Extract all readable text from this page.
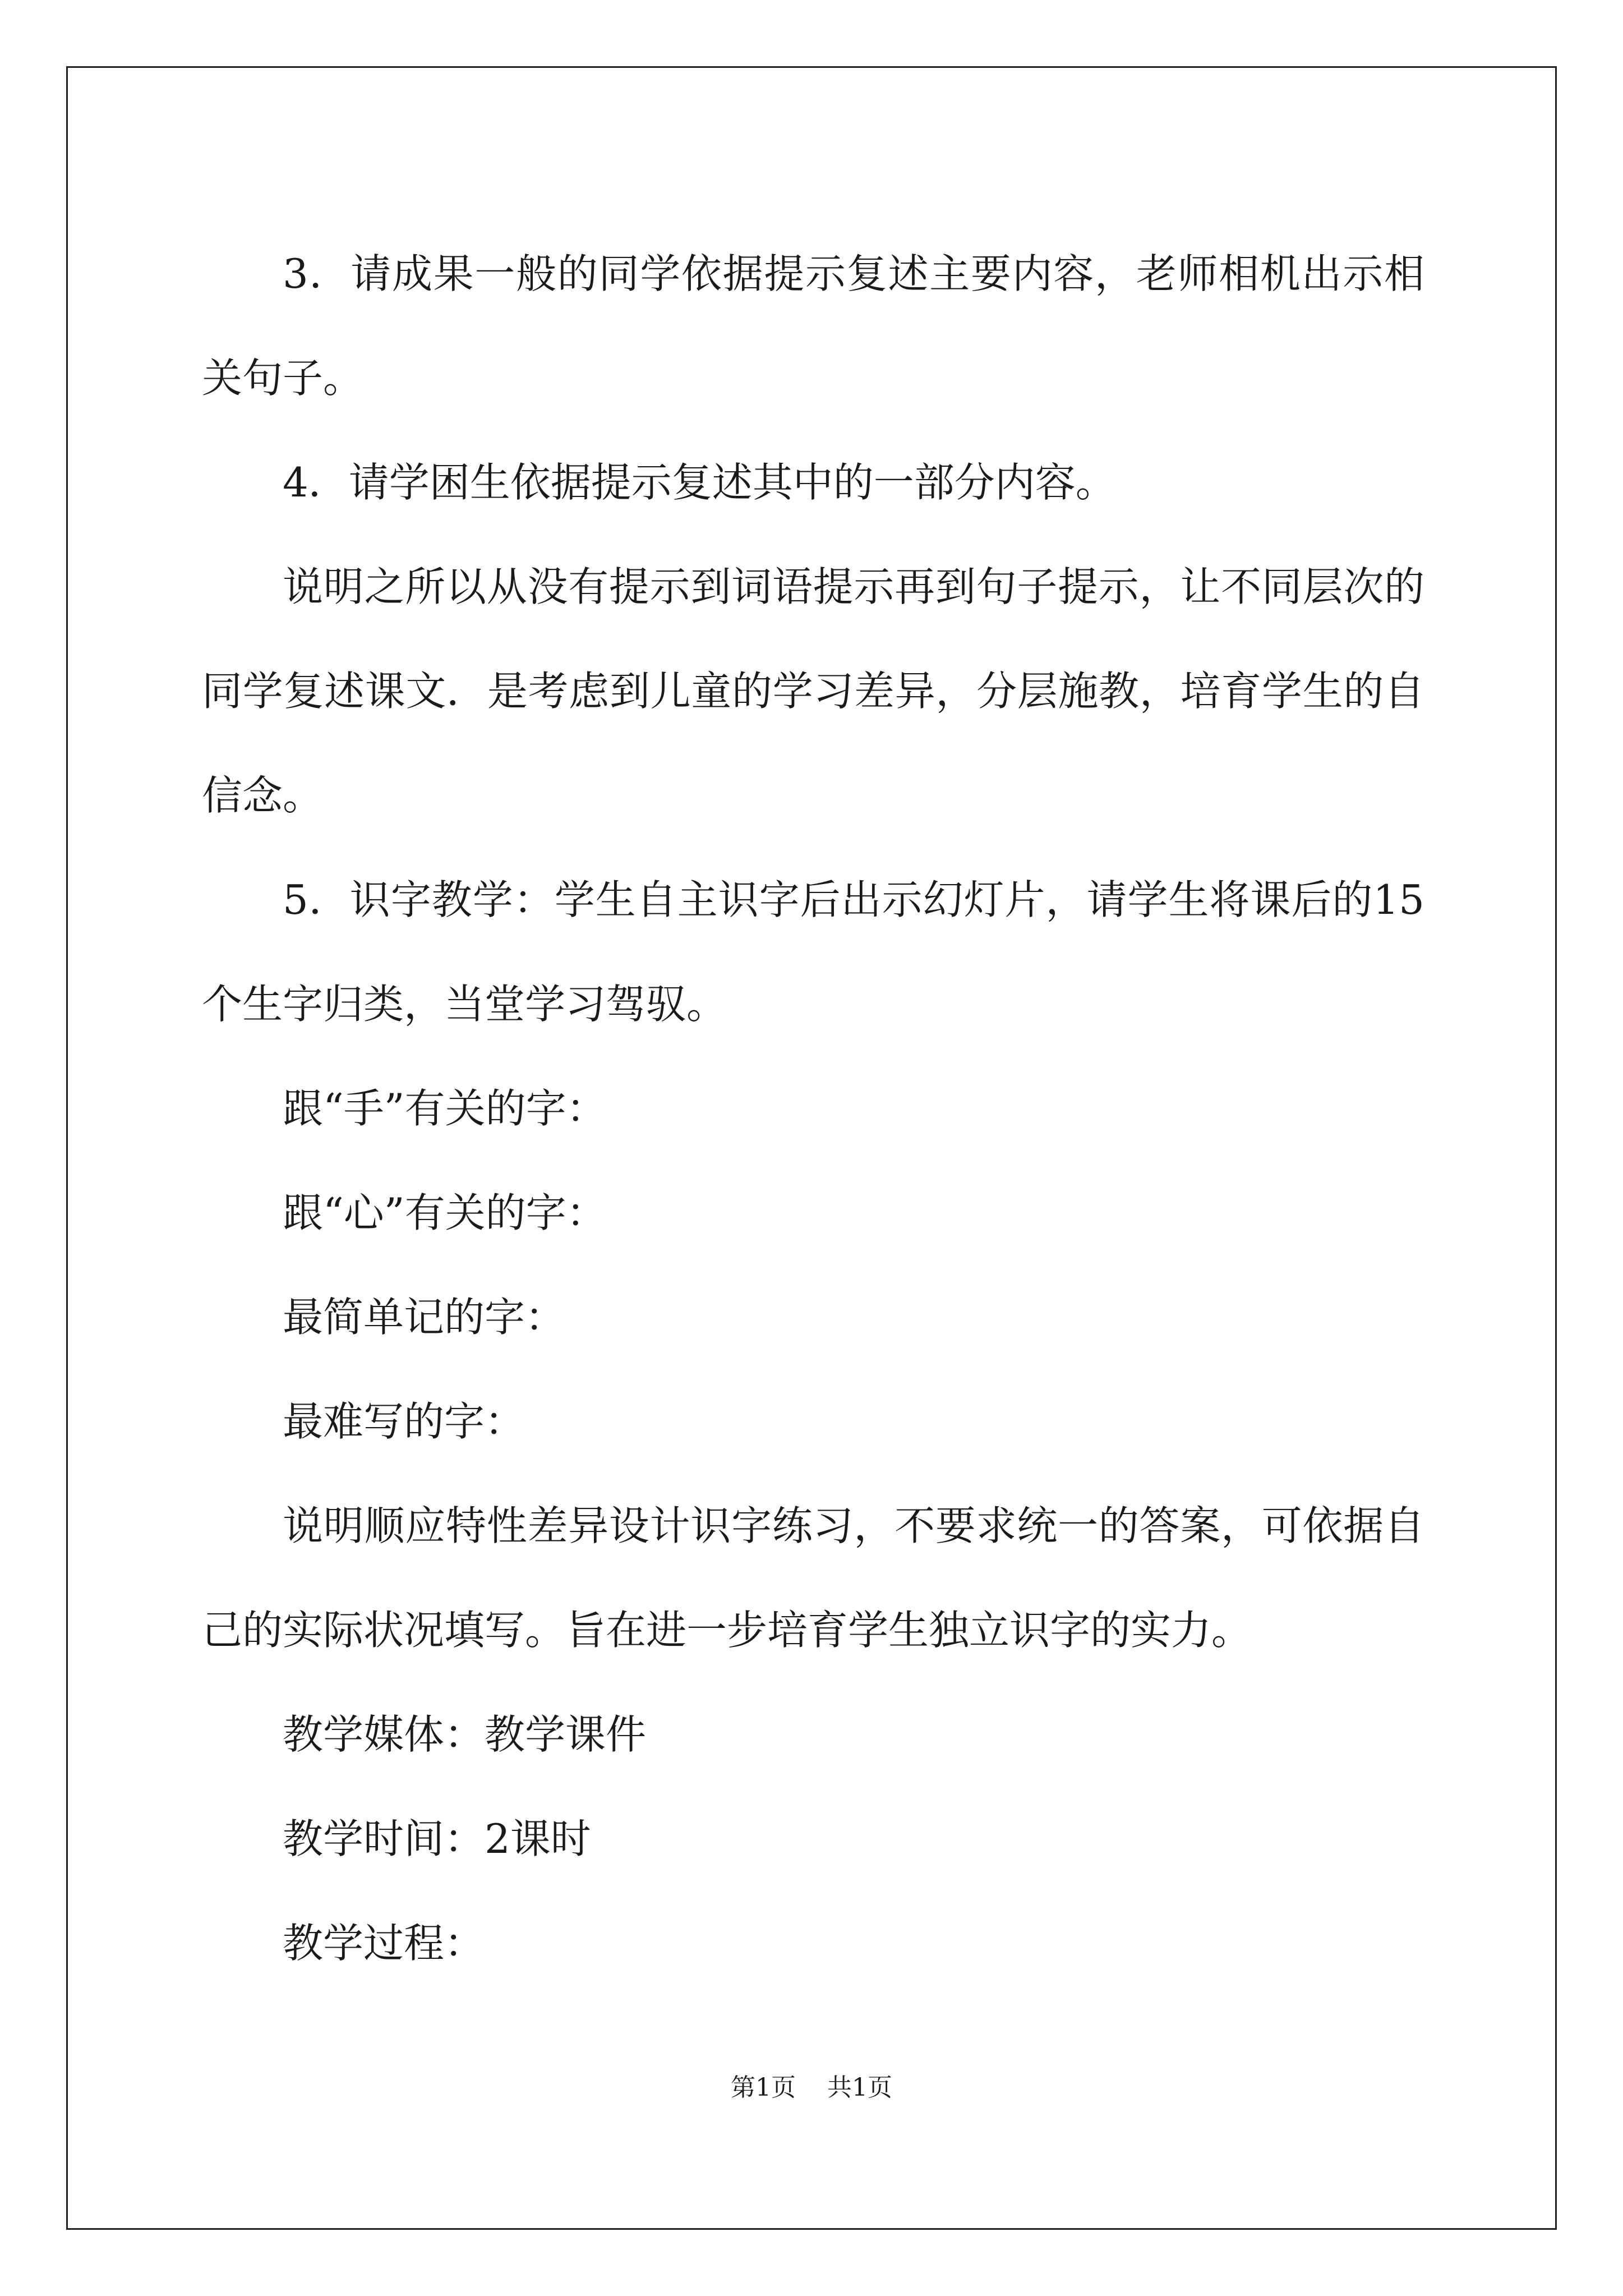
3．请成果一般的同学依据提示复述主要内容，老师相机出示相关句子。

4．请学困生依据提示复述其中的一部分内容。

说明之所以从没有提示到词语提示再到句子提示，让不同层次的同学复述课文．是考虑到儿童的学习差异，分层施教，培育学生的自信念。

5．识字教学：学生自主识字后出示幻灯片，请学生将课后的15个生字归类，当堂学习驾驭。

跟“手”有关的字：

跟“心”有关的字：

最简单记的字：

最难写的字：

说明顺应特性差异设计识字练习，不要求统一的答案，可依据自己的实际状况填写。旨在进一步培育学生独立识字的实力。

教学媒体：教学课件

教学时间：2课时

教学过程：

第1页 共1页
